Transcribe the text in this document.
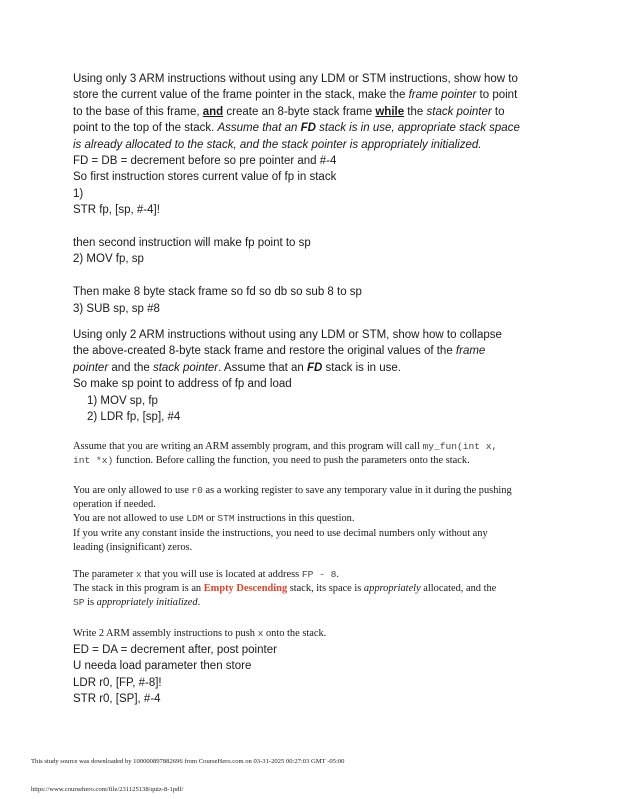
Using only 3 ARM instructions without using any LDM or STM instructions, show how to
store the current value of the frame pointer in the stack, make the frame pointer to point
to the base of this frame, and create an 8-byte stack frame while the stack pointer to
point to the top of the stack. Assume that an FD stack is in use, appropriate stack space
is already allocated to the stack, and the stack pointer is appropriately initialized.
FD = DB = decrement before so pre pointer and #-4
So first instruction stores current value of fp in stack
1)
STR fp, [sp, #-4]!

then second instruction will make fp point to sp
2) MOV fp, sp

Then make 8 byte stack frame so fd so db so sub 8 to sp
3) SUB sp, sp #8
Using only 2 ARM instructions without using any LDM or STM, show how to collapse
the above-created 8-byte stack frame and restore the original values of the frame
pointer and the stack pointer. Assume that an FD stack is in use.
So make sp point to address of fp and load
1) MOV sp, fp
2) LDR fp, [sp], #4
Assume that you are writing an ARM assembly program, and this program will call my_fun(int x,
int *x) function. Before calling the function, you need to push the parameters onto the stack.
You are only allowed to use r0 as a working register to save any temporary value in it during the pushing
operation if needed.
You are not allowed to use LDM or STM instructions in this question.
If you write any constant inside the instructions, you need to use decimal numbers only without any
leading (insignificant) zeros.
The parameter x that you will use is located at address FP - 8.
The stack in this program is an Empty Descending stack, its space is appropriately allocated, and the
SP is appropriately initialized.
Write 2 ARM assembly instructions to push x onto the stack.
ED = DA = decrement after, post pointer
U needa load parameter then store
LDR r0, [FP, #-8]!
STR r0, [SP], #-4
This study source was downloaded by 100000897882696 from CourseHero.com on 03-31-2025 00:27:03 GMT -05:00
https://www.coursehero.com/file/231125138/quiz-8-1pdf/
